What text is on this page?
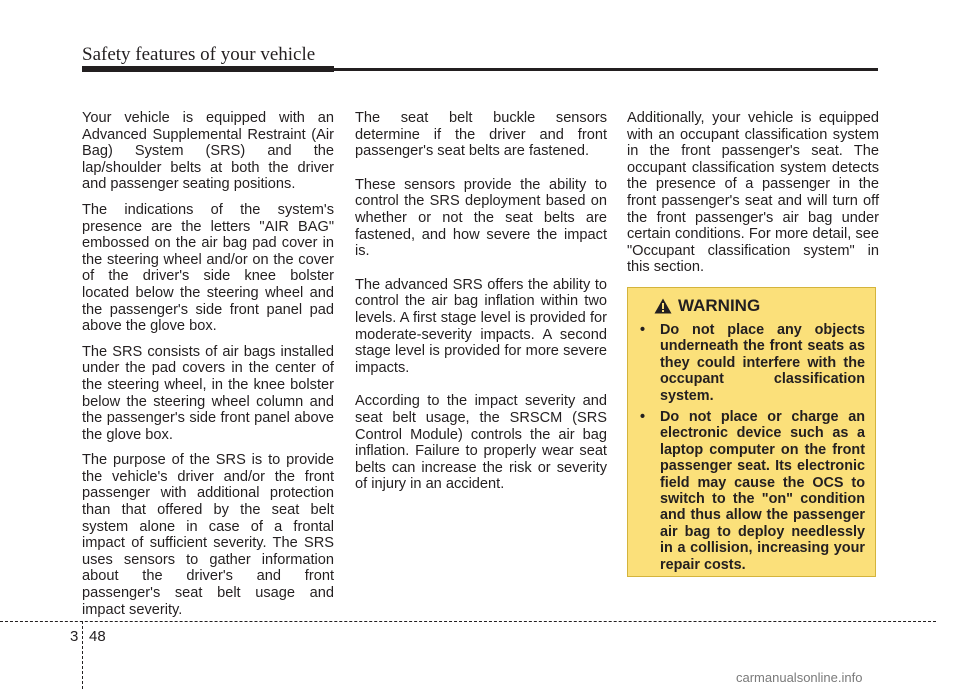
Safety features of your vehicle

Your vehicle is equipped with an Advanced Supplemental Restraint (Air Bag) System (SRS) and the lap/shoulder belts at both the driver and passenger seating positions.

The indications of the system's presence are the letters "AIR BAG" embossed on the air bag pad cover in the steering wheel and/or on the cover of the driver's side knee bolster located below the steering wheel and the passenger's side front panel pad above the glove box.

The SRS consists of air bags installed under the pad covers in the center of the steering wheel, in the knee bolster below the steering wheel column and the passenger's side front panel above the glove box.

The purpose of the SRS is to provide the vehicle's driver and/or the front passenger with additional protection than that offered by the seat belt system alone in case of a frontal impact of sufficient severity. The SRS uses sensors to gather information about the driver's and front passenger's seat belt usage and impact severity.

The seat belt buckle sensors determine if the driver and front passenger's seat belts are fastened.

These sensors provide the ability to control the SRS deployment based on whether or not the seat belts are fastened, and how severe the impact is.

The advanced SRS offers the ability to control the air bag inflation within two levels. A first stage level is provided for moderate-severity impacts. A second stage level is provided for more severe impacts.

According to the impact severity and seat belt usage, the SRSCM (SRS Control Module) controls the air bag inflation. Failure to properly wear seat belts can increase the risk or severity of injury in an accident.

Additionally, your vehicle is equipped with an occupant classification system in the front passenger's seat. The occupant classification system detects the presence of a passenger in the front passenger's seat and will turn off the front passenger's air bag under certain conditions. For more detail, see "Occupant classification system" in this section.

WARNING
• Do not place any objects underneath the front seats as they could interfere with the occupant classification system.
• Do not place or charge an electronic device such as a laptop computer on the front passenger seat. Its electronic field may cause the OCS to switch to the "on" condition and thus allow the passenger air bag to deploy needlessly in a collision, increasing your repair costs.
3 48
carmanualsonline.info
